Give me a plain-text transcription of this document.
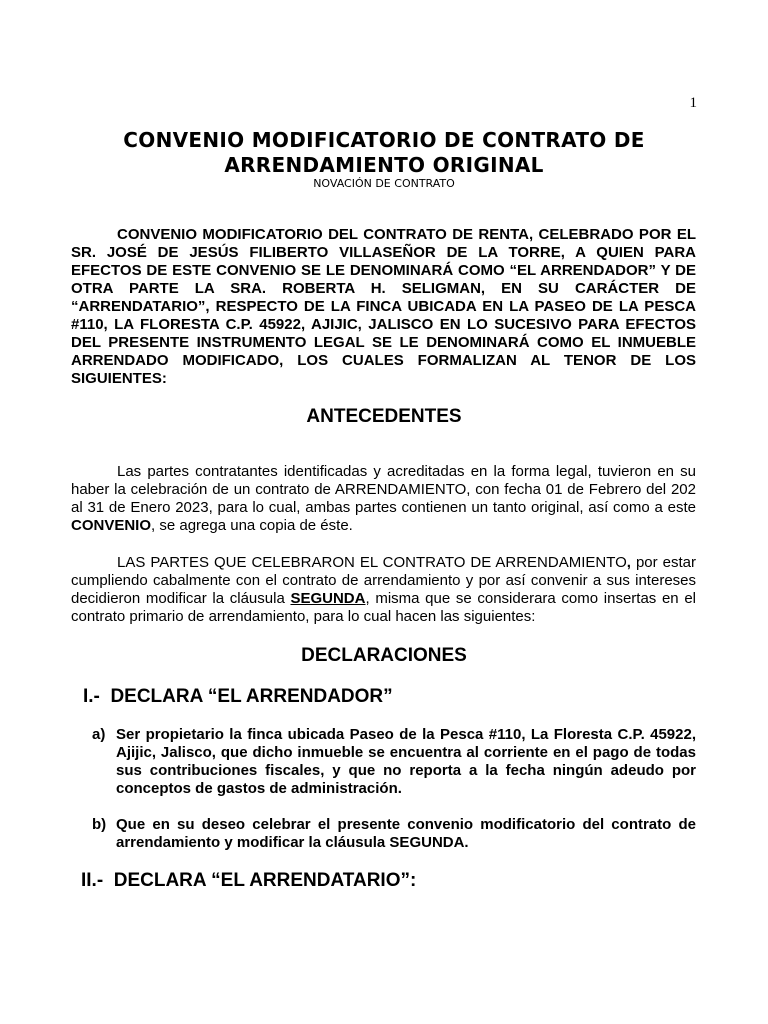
1
CONVENIO MODIFICATORIO DE CONTRATO DE
ARRENDAMIENTO ORIGINAL
NOVACIÓN DE CONTRATO

CONVENIO MODIFICATORIO DEL CONTRATO DE RENTA, CELEBRADO POR EL SR. JOSÉ DE JESÚS FILIBERTO VILLASEÑOR DE LA TORRE, A QUIEN PARA EFECTOS DE ESTE CONVENIO SE LE DENOMINARÁ COMO “EL ARRENDADOR” Y DE OTRA PARTE LA SRA. ROBERTA H. SELIGMAN, EN SU CARÁCTER DE “ARRENDATARIO”, RESPECTO DE LA FINCA UBICADA EN LA PASEO DE LA PESCA #110, LA FLORESTA C.P. 45922, AJIJIC, JALISCO EN LO SUCESIVO PARA EFECTOS DEL PRESENTE INSTRUMENTO LEGAL SE LE DENOMINARÁ COMO EL INMUEBLE ARRENDADO MODIFICADO, LOS CUALES FORMALIZAN AL TENOR DE LOS SIGUIENTES:

ANTECEDENTES

Las partes contratantes identificadas y acreditadas en la forma legal, tuvieron en su haber la celebración de un contrato de ARRENDAMIENTO, con fecha 01 de Febrero del 202 al 31 de Enero 2023, para lo cual, ambas partes contienen un tanto original, así como a este CONVENIO, se agrega una copia de éste.

LAS PARTES QUE CELEBRARON EL CONTRATO DE ARRENDAMIENTO, por estar cumpliendo cabalmente con el contrato de arrendamiento y por así convenir a sus intereses decidieron modificar la cláusula SEGUNDA, misma que se considerara como insertas en el contrato primario de arrendamiento, para lo cual hacen las siguientes:

DECLARACIONES
I.-  DECLARA “EL ARRENDADOR”
a) Ser propietario la finca ubicada Paseo de la Pesca #110, La Floresta C.P. 45922, Ajijic, Jalisco, que dicho inmueble se encuentra al corriente en el pago de todas sus contribuciones fiscales, y que no reporta a la fecha ningún adeudo por conceptos de gastos de administración.
b) Que en su deseo celebrar el presente convenio modificatorio del contrato de arrendamiento y modificar la cláusula SEGUNDA.
II.-  DECLARA “EL ARRENDATARIO”:
